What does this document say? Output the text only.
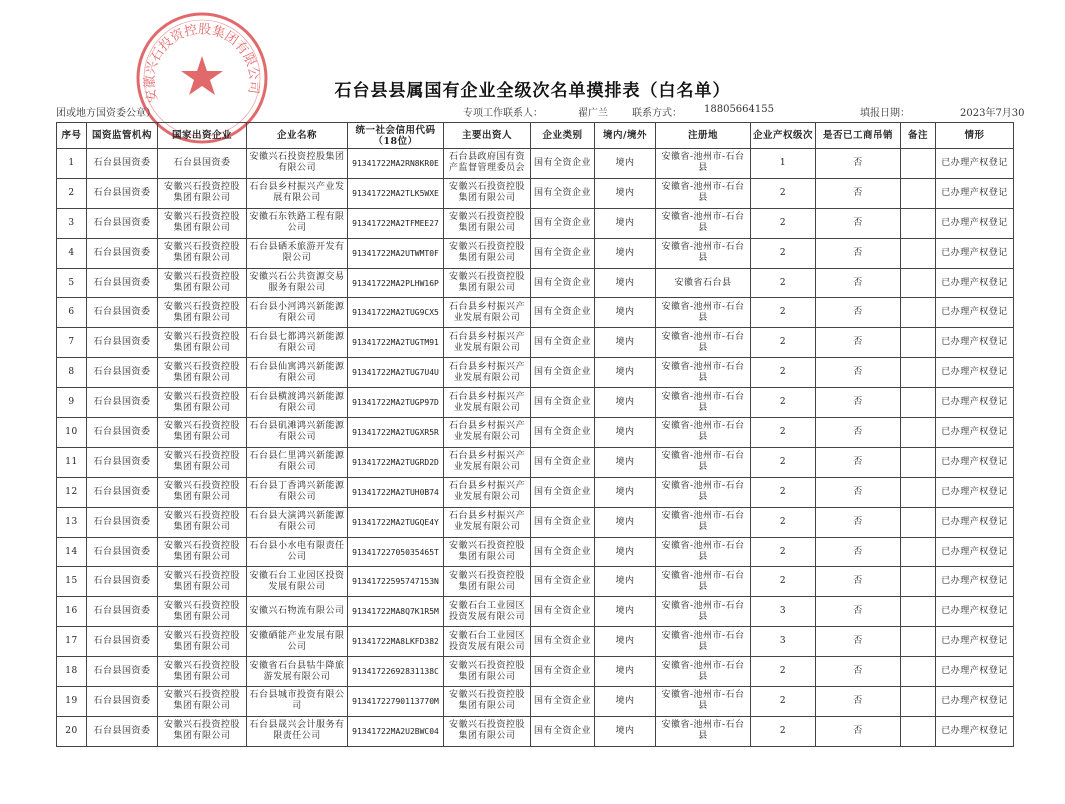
安徽兴石投资控股集团有限公司	石台县县属国有企业全级次名单摸排表（白名单）
团或地方国资委公章）	专项工作联系人：	翟广兰 联系方式： 18805664155	填报日期：	2023年7月30
序号	国资监管机构	国家出资企业	企业名称	统一社会信用代码（18位）	主要出资人	企业类别	境内/境外	注册地	企业产权级次	是否已工商吊销	备注	情形
1	石台县国资委	石台县国资委	安徽兴石投资控股集团有限公司	91341722MA2RN8KR0E	石台县政府国有资产监督管理委员会	国有全资企业	境内	安徽省-池州市-石台县	1	否		已办理产权登记
2	石台县国资委	安徽兴石投资控股集团有限公司	石台县乡村振兴产业发展有限公司	91341722MA2TLK5WXE	安徽兴石投资控股集团有限公司	国有全资企业	境内	安徽省-池州市-石台县	2	否		已办理产权登记
3	石台县国资委	安徽兴石投资控股集团有限公司	安徽石东铁路工程有限公司	91341722MA2TFMEE27	安徽兴石投资控股集团有限公司	国有全资企业	境内	安徽省-池州市-石台县	2	否		已办理产权登记
4	石台县国资委	安徽兴石投资控股集团有限公司	石台县硒禾旅游开发有限公司	91341722MA2UTWMT0F	安徽兴石投资控股集团有限公司	国有全资企业	境内	安徽省-池州市-石台县	2	否		已办理产权登记
5	石台县国资委	安徽兴石投资控股集团有限公司	安徽兴石公共资源交易服务有限公司	91341722MA2PLHW16P	安徽兴石投资控股集团有限公司	国有全资企业	境内	安徽省石台县	2	否		已办理产权登记
6	石台县国资委	安徽兴石投资控股集团有限公司	石台县小河鸿兴新能源有限公司	91341722MA2TUG9CX5	石台县乡村振兴产业发展有限公司	国有全资企业	境内	安徽省-池州市-石台县	2	否		已办理产权登记
7	石台县国资委	安徽兴石投资控股集团有限公司	石台县七都鸿兴新能源有限公司	91341722MA2TUGTM91	石台县乡村振兴产业发展有限公司	国有全资企业	境内	安徽省-池州市-石台县	2	否		已办理产权登记
8	石台县国资委	安徽兴石投资控股集团有限公司	石台县仙寓鸿兴新能源有限公司	91341722MA2TUG7U4U	石台县乡村振兴产业发展有限公司	国有全资企业	境内	安徽省-池州市-石台县	2	否		已办理产权登记
9	石台县国资委	安徽兴石投资控股集团有限公司	石台县横渡鸿兴新能源有限公司	91341722MA2TUGP97D	石台县乡村振兴产业发展有限公司	国有全资企业	境内	安徽省-池州市-石台县	2	否		已办理产权登记
10	石台县国资委	安徽兴石投资控股集团有限公司	石台县矶滩鸿兴新能源有限公司	91341722MA2TUGXR5R	石台县乡村振兴产业发展有限公司	国有全资企业	境内	安徽省-池州市-石台县	2	否		已办理产权登记
11	石台县国资委	安徽兴石投资控股集团有限公司	石台县仁里鸿兴新能源有限公司	91341722MA2TUGRD2D	石台县乡村振兴产业发展有限公司	国有全资企业	境内	安徽省-池州市-石台县	2	否		已办理产权登记
12	石台县国资委	安徽兴石投资控股集团有限公司	石台县丁香鸿兴新能源有限公司	91341722MA2TUH0B74	石台县乡村振兴产业发展有限公司	国有全资企业	境内	安徽省-池州市-石台县	2	否		已办理产权登记
13	石台县国资委	安徽兴石投资控股集团有限公司	石台县大演鸿兴新能源有限公司	91341722MA2TUGQE4Y	石台县乡村振兴产业发展有限公司	国有全资企业	境内	安徽省-池州市-石台县	2	否		已办理产权登记
14	石台县国资委	安徽兴石投资控股集团有限公司	石台县小水电有限责任公司	913417227050354​65T	安徽兴石投资控股集团有限公司	国有全资企业	境内	安徽省-池州市-石台县	2	否		已办理产权登记
15	石台县国资委	安徽兴石投资控股集团有限公司	安徽石台工业园区投资发展有限公司	91341722595747153N	安徽兴石投资控股集团有限公司	国有全资企业	境内	安徽省-池州市-石台县	2	否		已办理产权登记
16	石台县国资委	安徽兴石投资控股集团有限公司	安徽兴石物流有限公司	91341722MA8Q7K1R5M	安徽石台工业园区投资发展有限公司	国有全资企业	境内	安徽省-池州市-石台县	3	否		已办理产权登记
17	石台县国资委	安徽兴石投资控股集团有限公司	安徽硒能产业发展有限公司	91341722MA8LKFD382	安徽石台工业园区投资发展有限公司	国有全资企业	境内	安徽省-池州市-石台县	3	否		已办理产权登记
18	石台县国资委	安徽兴石投资控股集团有限公司	安徽省石台县牯牛降旅游发展有限公司	91341722692831138C	安徽兴石投资控股集团有限公司	国有全资企业	境内	安徽省-池州市-石台县	2	否		已办理产权登记
19	石台县国资委	安徽兴石投资控股集团有限公司	石台县城市投资有限公司	91341722790113770M	安徽兴石投资控股集团有限公司	国有全资企业	境内	安徽省-池州市-石台县	2	否		已办理产权登记
20	石台县国资委	安徽兴石投资控股集团有限公司	石台县晟兴会计服务有限责任公司	91341722MA2U2BWC04	安徽兴石投资控股集团有限公司	国有全资企业	境内	安徽省-池州市-石台县	2	否		已办理产权登记
